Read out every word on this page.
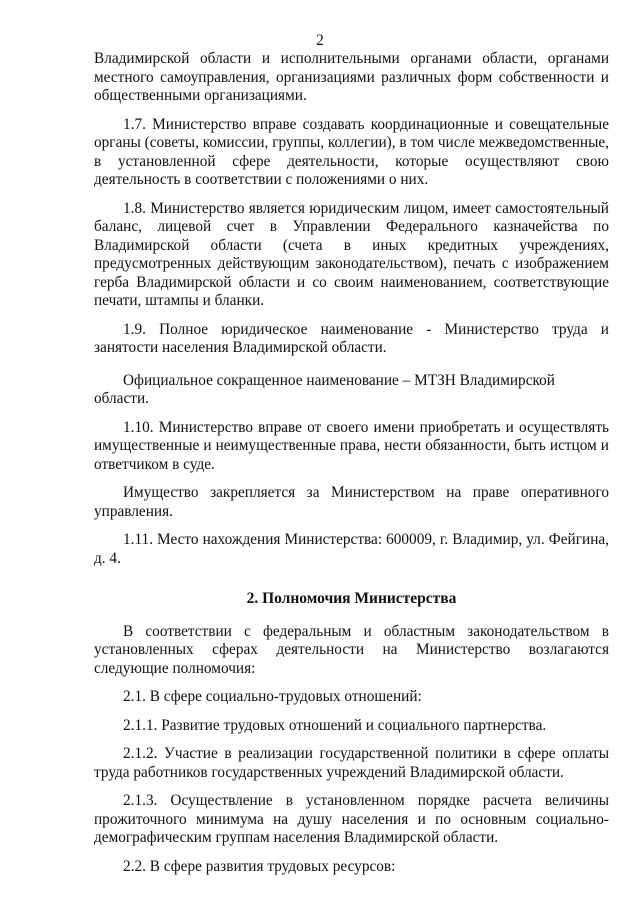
2

Владимирской области и исполнительными органами области, органами местного самоуправления, организациями различных форм собственности и общественными организациями.

1.7. Министерство вправе создавать координационные и совещательные органы (советы, комиссии, группы, коллегии), в том числе межведомственные, в установленной сфере деятельности, которые осуществляют свою деятельность в соответствии с положениями о них.

1.8. Министерство является юридическим лицом, имеет самостоятельный баланс, лицевой счет в Управлении Федерального казначейства по Владимирской области (счета в иных кредитных учреждениях, предусмотренных действующим законодательством), печать с изображением герба Владимирской области и со своим наименованием, соответствующие печати, штампы и бланки.

1.9. Полное юридическое наименование - Министерство труда и занятости населения Владимирской области.

Официальное сокращенное наименование – МТЗН Владимирской области.

1.10. Министерство вправе от своего имени приобретать и осуществлять имущественные и неимущественные права, нести обязанности, быть истцом и ответчиком в суде.

Имущество закрепляется за Министерством на праве оперативного управления.

1.11. Место нахождения Министерства: 600009, г. Владимир, ул. Фейгина, д. 4.

2. Полномочия Министерства

В соответствии с федеральным и областным законодательством в установленных сферах деятельности на Министерство возлагаются следующие полномочия:

2.1. В сфере социально-трудовых отношений:

2.1.1. Развитие трудовых отношений и социального партнерства.

2.1.2. Участие в реализации государственной политики в сфере оплаты труда работников государственных учреждений Владимирской области.

2.1.3. Осуществление в установленном порядке расчета величины прожиточного минимума на душу населения и по основным социально-демографическим группам населения Владимирской области.

2.2. В сфере развития трудовых ресурсов:
